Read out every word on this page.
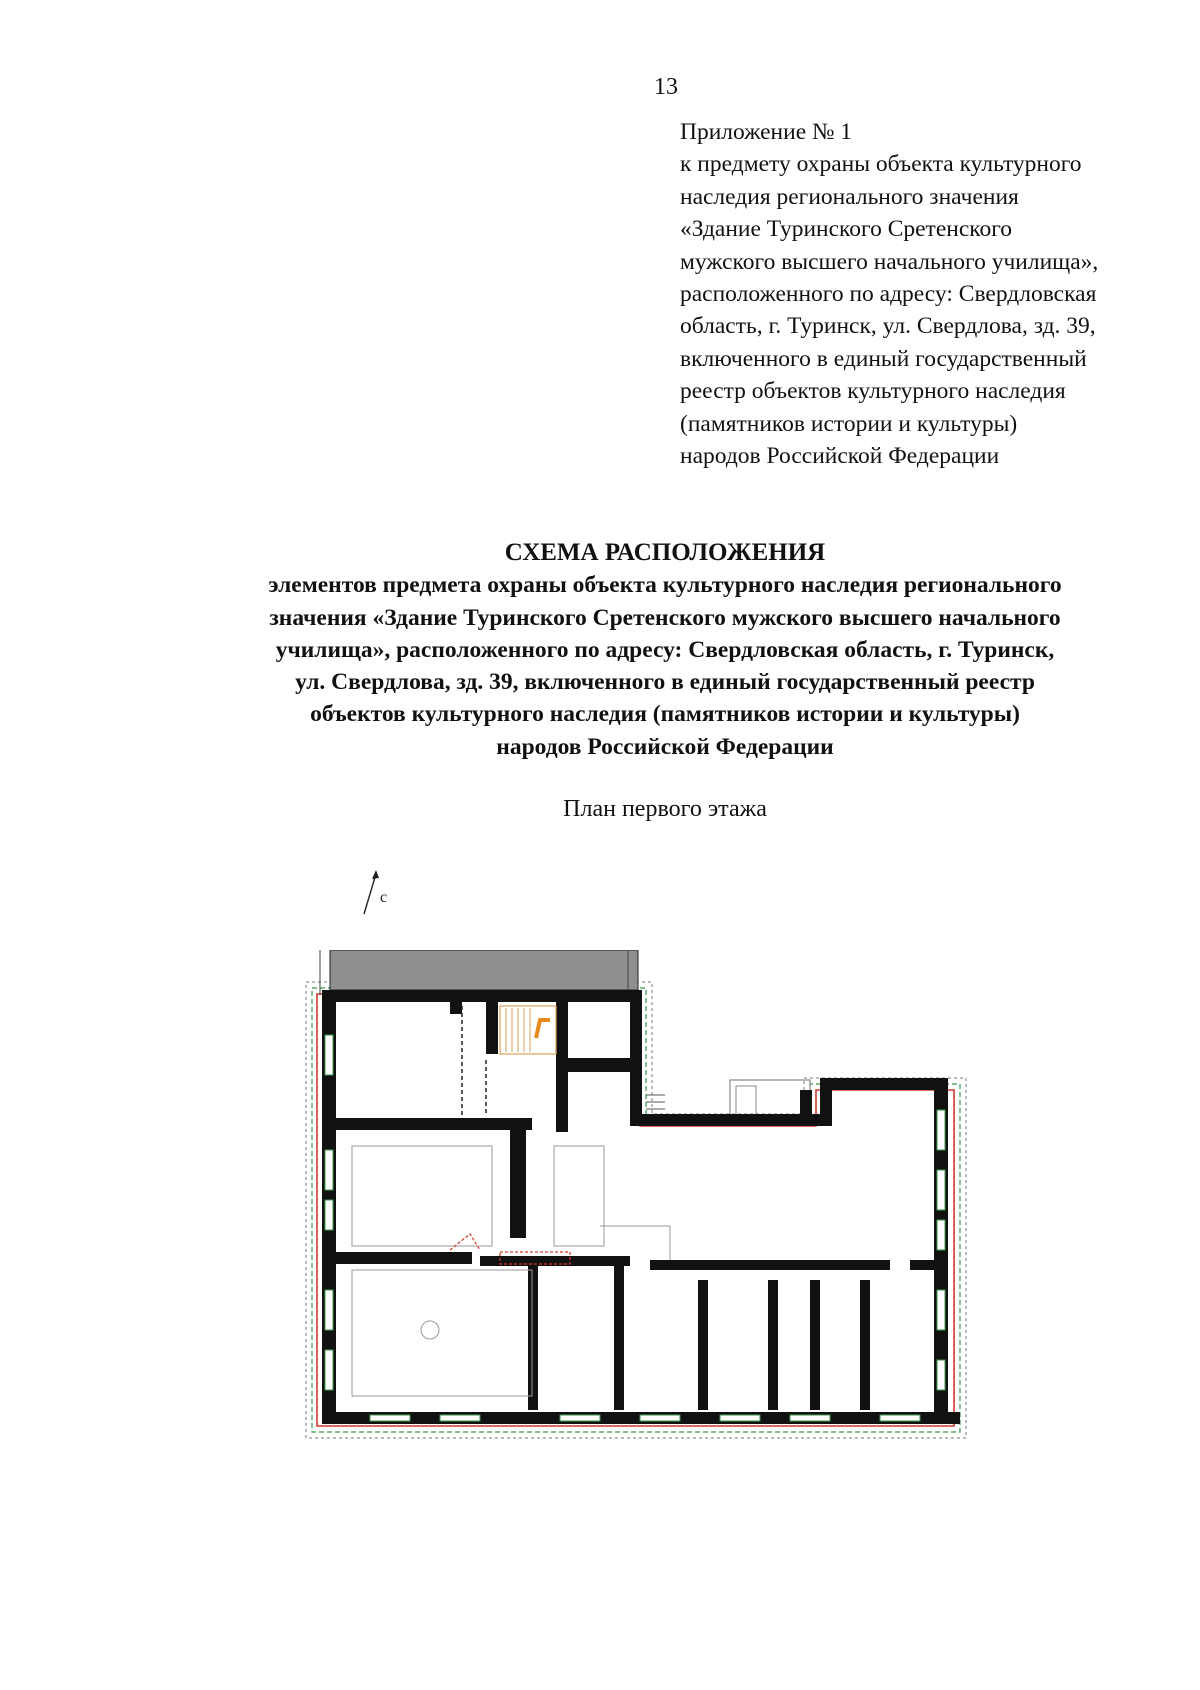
13
Приложение № 1
к предмету охраны объекта культурного
наследия регионального значения
«Здание Туринского Сретенского
мужского высшего начального училища»,
расположенного по адресу: Свердловская
область, г. Туринск, ул. Свердлова, зд. 39,
включенного в единый государственный
реестр объектов культурного наследия
(памятников истории и культуры)
народов Российской Федерации
СХЕМА РАСПОЛОЖЕНИЯ
элементов предмета охраны объекта культурного наследия регионального
значения «Здание Туринского Сретенского мужского высшего начального
училища», расположенного по адресу: Свердловская область, г. Туринск,
ул. Свердлова, зд. 39, включенного в единый государственный реестр
объектов культурного наследия (памятников истории и культуры)
народов Российской Федерации
План первого этажа
с
